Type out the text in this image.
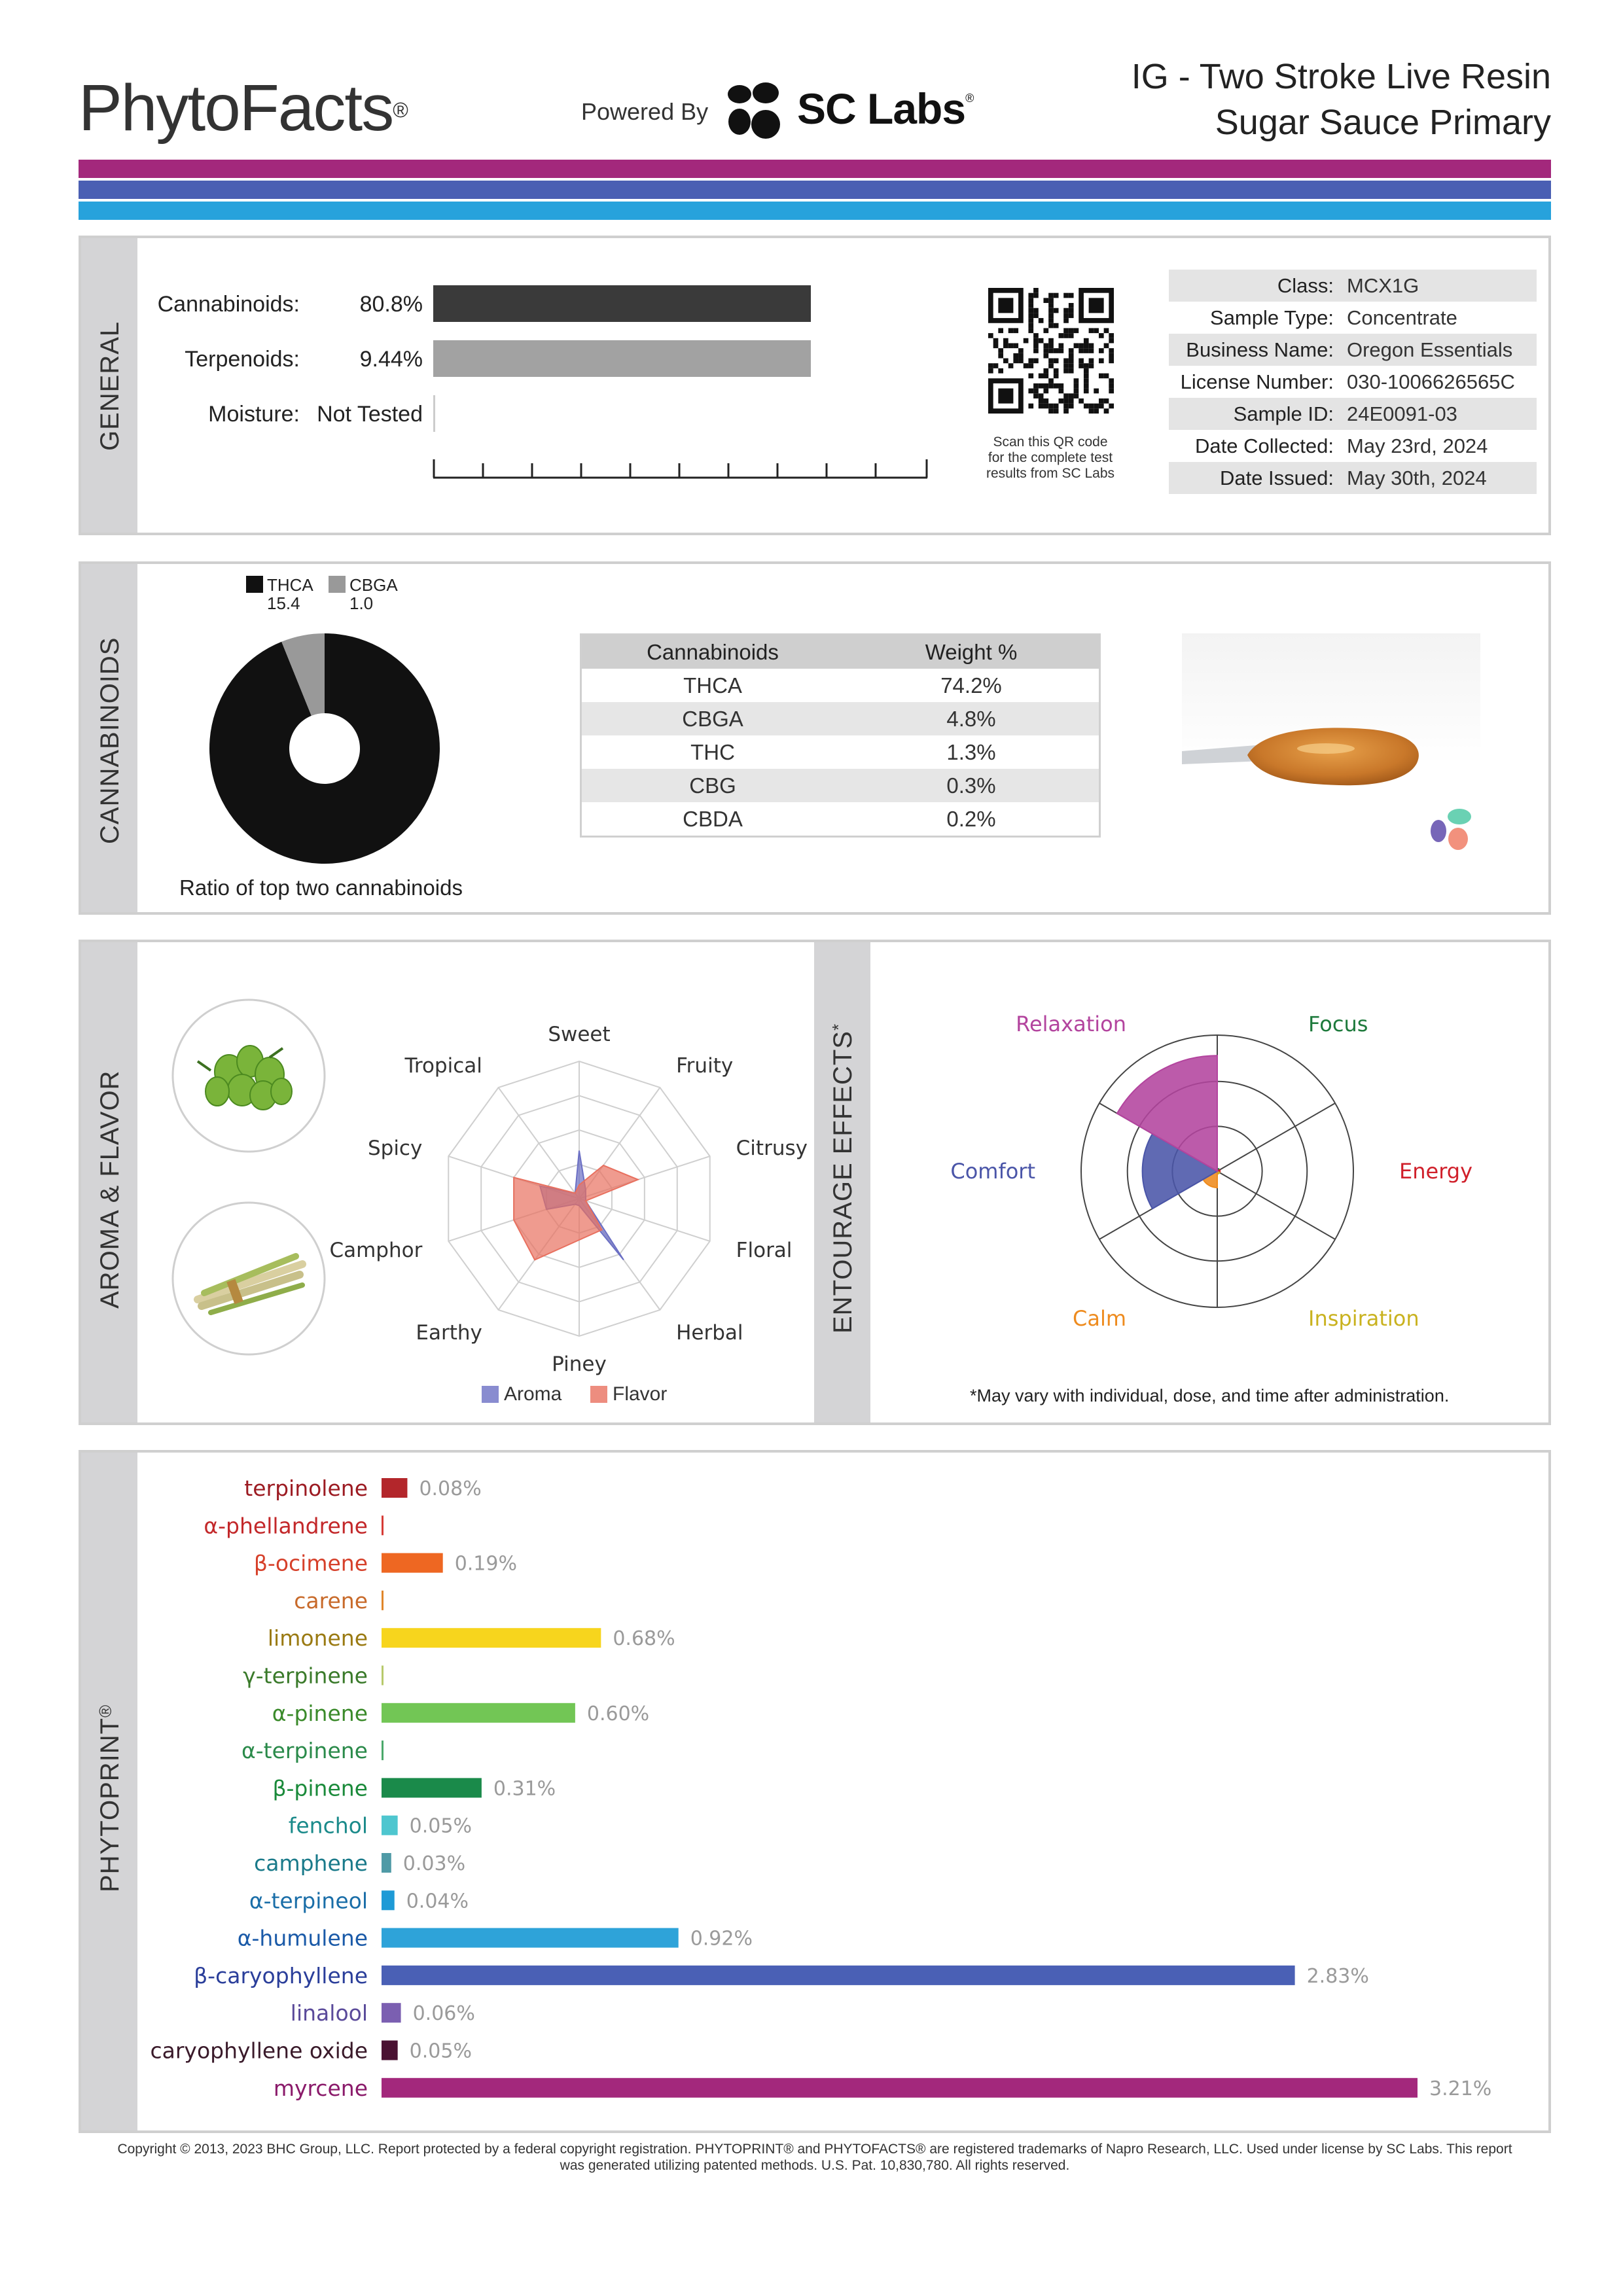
PhytoFacts®	Powered By SC Labs®
IG - Two Stroke Live Resin
Sugar Sauce Primary
GENERAL
Cannabinoids:	80.8%
Terpenoids:	9.44%
Moisture: Not Tested
Scan this QR code
for the complete test
results from SC Labs
Class: MCX1G
Sample Type: Concentrate
Business Name: Oregon Essentials
License Number: 030-1006626565C
Sample ID: 24E0091-03
Date Collected: May 23rd, 2024
Date Issued: May 30th, 2024
CANNABINOIDS
THCA
15.4
CBGA
1.0
Ratio of top two cannabinoids
Cannabinoids	Weight %
THCA	74.2%
CBGA	4.8%
THC	1.3%
CBG	0.3%
CBDA	0.2%
AROMA & FLAVOR	ENTOURAGE EFFECTS*
Sweet
Fruity
Citrusy
Floral
Herbal
Piney
Earthy
Camphor
Spicy
Tropical
Aroma	Flavor
Focus
Energy
Inspiration
Calm
Comfort
Relaxation
*May vary with individual, dose, and time after administration.
PHYTOPRINT®
terpinolene	0.08%
α-phellandrene
β-ocimene	0.19%
carene
limonene	0.68%
γ-terpinene
α-pinene	0.60%
α-terpinene
β-pinene	0.31%
fenchol 0.05%
camphene 0.03%
α-terpineol 0.04%
α-humulene	0.92%
β-caryophyllene	2.83%
linalool 0.06%
caryophyllene oxide 0.05%
myrcene	3.21%
Copyright © 2013, 2023 BHC Group, LLC. Report protected by a federal copyright registration. PHYTOPRINT® and PHYTOFACTS® are registered trademarks of Napro Research, LLC. Used under license by SC Labs. This report
was generated utilizing patented methods. U.S. Pat. 10,830,780. All rights reserved.
